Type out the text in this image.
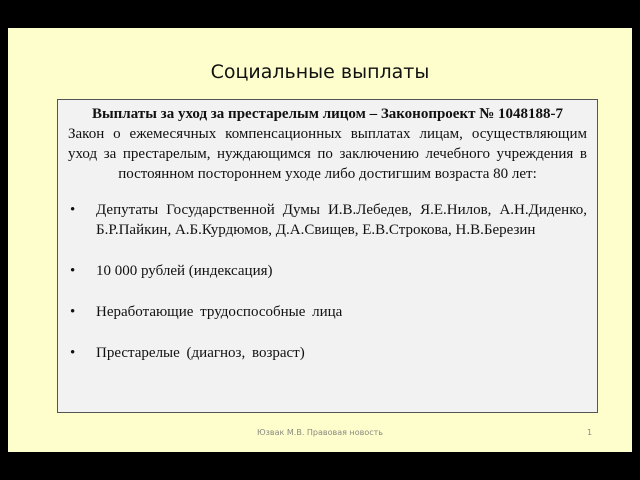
Социальные выплаты

Выплаты за уход за престарелым лицом – Законопроект № 1048188-7

Закон о ежемесячных компенсационных выплатах лицам, осуществляющим уход за престарелым, нуждающимся по заключению лечебного учреждения в постоянном постороннем уходе либо достигшим возраста 80 лет:

• Депутаты Государственной Думы И.В.Лебедев, Я.Е.Нилов, А.Н.Диденко, Б.Р.Пайкин, А.Б.Курдюмов, Д.А.Свищев, Е.В.Строкова, Н.В.Березин
• 10 000 рублей (индексация)
• Неработающие трудоспособные лица
• Престарелые (диагноз, возраст)
Юзвак М.В. Правовая новость	1
